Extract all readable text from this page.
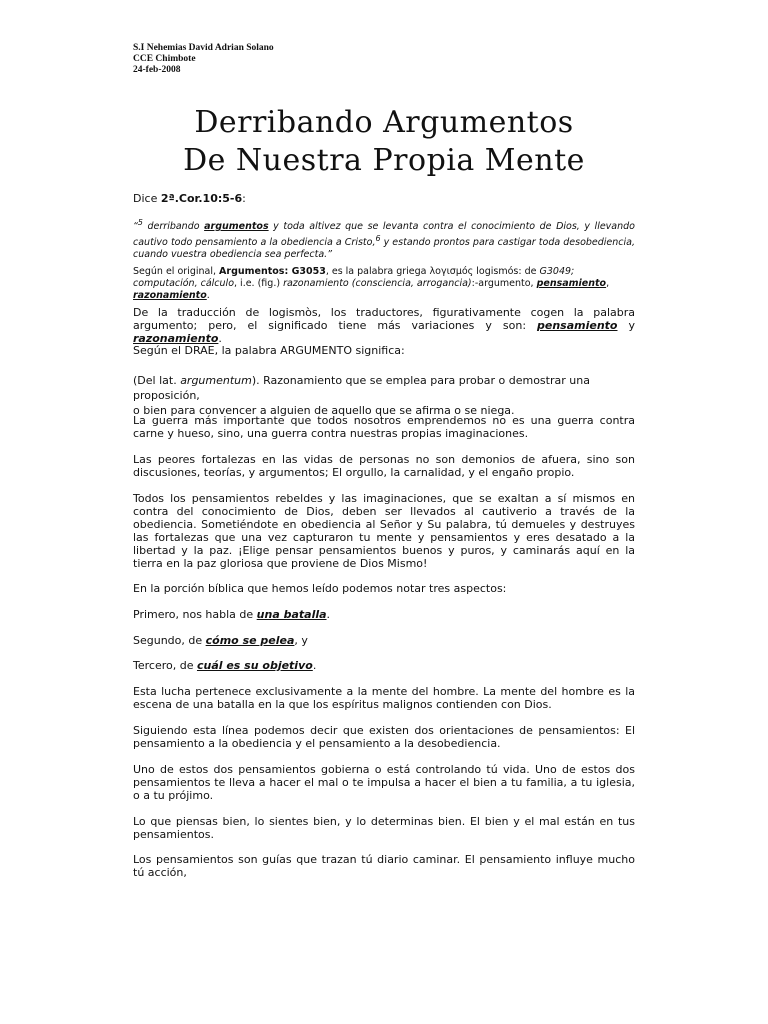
S.I Nehemias David Adrian Solano
CCE Chimbote
24-feb-2008
Derribando Argumentos
De Nuestra Propia Mente
Dice 2ª.Cor.10:5-6:
“$^5$ derribando argumentos y toda altivez que se levanta contra el conocimiento de Dios, y llevando cautivo todo pensamiento a la obediencia a Cristo,$^6$ y estando prontos para castigar toda desobediencia, cuando vuestra obediencia sea perfecta.”
Según el original, Argumentos: G3053, es la palabra griega λογισμός logismós: de G3049; computación, cálculo, i.e. (fig.) razonamiento (consciencia, arrogancia):-argumento, pensamiento, razonamiento.
De la traducción de logismòs, los traductores, figurativamente cogen la palabra argumento; pero, el significado tiene más variaciones y son: pensamiento y razonamiento.
Según el DRAE, la palabra ARGUMENTO significa:
(Del lat. argumentum). Razonamiento que se emplea para probar o demostrar una proposición,
o bien para convencer a alguien de aquello que se afirma o se niega.
La guerra más importante que todos nosotros emprendemos no es una guerra contra carne y hueso, sino, una guerra contra nuestras propias imaginaciones.
Las peores fortalezas en las vidas de personas no son demonios de afuera, sino son discusiones, teorías, y argumentos; El orgullo, la carnalidad, y el engaño propio.
Todos los pensamientos rebeldes y las imaginaciones, que se exaltan a sí mismos en contra del conocimiento de Dios, deben ser llevados al cautiverio a través de la obediencia. Sometiéndote en obediencia al Señor y Su palabra, tú demueles y destruyes las fortalezas que una vez capturaron tu mente y pensamientos y eres desatado a la libertad y la paz. ¡Elige pensar pensamientos buenos y puros, y caminarás aquí en la tierra en la paz gloriosa que proviene de Dios Mismo!
En la porción bíblica que hemos leído podemos notar tres aspectos:
Primero, nos habla de una batalla.
Segundo, de cómo se pelea, y
Tercero, de cuál es su objetivo.
Esta lucha pertenece exclusivamente a la mente del hombre. La mente del hombre es la escena de una batalla en la que los espíritus malignos contienden con Dios.
Siguiendo esta línea podemos decir que existen dos orientaciones de pensamientos: El pensamiento a la obediencia y el pensamiento a la desobediencia.
Uno de estos dos pensamientos gobierna o está controlando tú vida. Uno de estos dos pensamientos te lleva a hacer el mal o te impulsa a hacer el bien a tu familia, a tu iglesia, o a tu prójimo.
Lo que piensas bien, lo sientes bien, y lo determinas bien. El bien y el mal están en tus pensamientos.
Los pensamientos son guías que trazan tú diario caminar. El pensamiento influye mucho tú acción,
